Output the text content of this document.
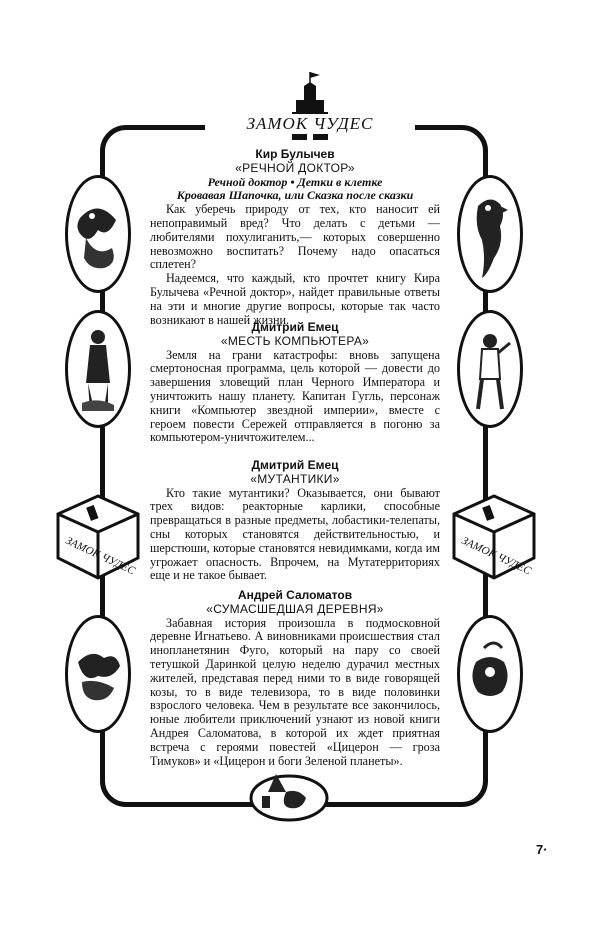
ЗАМОК ЧУДЕС
ЗАМОК ЧУДЕС	ЗАМОК ЧУДЕС

Кир Булычев

«РЕЧНОЙ ДОКТОР»

Речной доктор • Детки в клетке

Кровавая Шапочка, или Сказка после сказки

Как уберечь природу от тех, кто наносит ей непоправимый вред? Что делать с детьми — любителями похулиганить,— которых совершенно невозможно воспитать? Почему надо опасаться сплетен?

Надеемся, что каждый, кто прочтет книгу Кира Булычева «Речной доктор», найдет правильные ответы на эти и многие другие вопросы, которые так часто возникают в нашей жизни.

Дмитрий Емец

«МЕСТЬ КОМПЬЮТЕРА»

Земля на грани катастрофы: вновь запущена смертоносная программа, цель которой — довести до завершения зловещий план Черного Императора и уничтожить нашу планету. Капитан Гугль, персонаж книги «Компьютер звездной империи», вместе с героем повести Сережей отправляется в погоню за компьютером-уничтожителем...

Дмитрий Емец

«МУТАНТИКИ»

Кто такие мутантики? Оказывается, они бывают трех видов: реакторные карлики, способные превращаться в разные предметы, лобастики-телепаты, сны которых становятся действительностью, и шерстюши, которые становятся невидимками, когда им угрожает опасность. Впрочем, на Мутатерриториях еще и не такое бывает.

Андрей Саломатов

«СУМАСШЕДШАЯ ДЕРЕВНЯ»

Забавная история произошла в подмосковной деревне Игнатьево. А виновниками происшествия стал инопланетянин Фуго, который на пару со своей тетушкой Даринкой целую неделю дурачил местных жителей, представая перед ними то в виде говорящей козы, то в виде телевизора, то в виде половинки взрослого человека. Чем в результате все закончилось, юные любители приключений узнают из новой книги Андрея Саломатова, в которой их ждет приятная встреча с героями повестей «Цицерон — гроза Тимуков» и «Цицерон и боги Зеленой планеты».

7·
